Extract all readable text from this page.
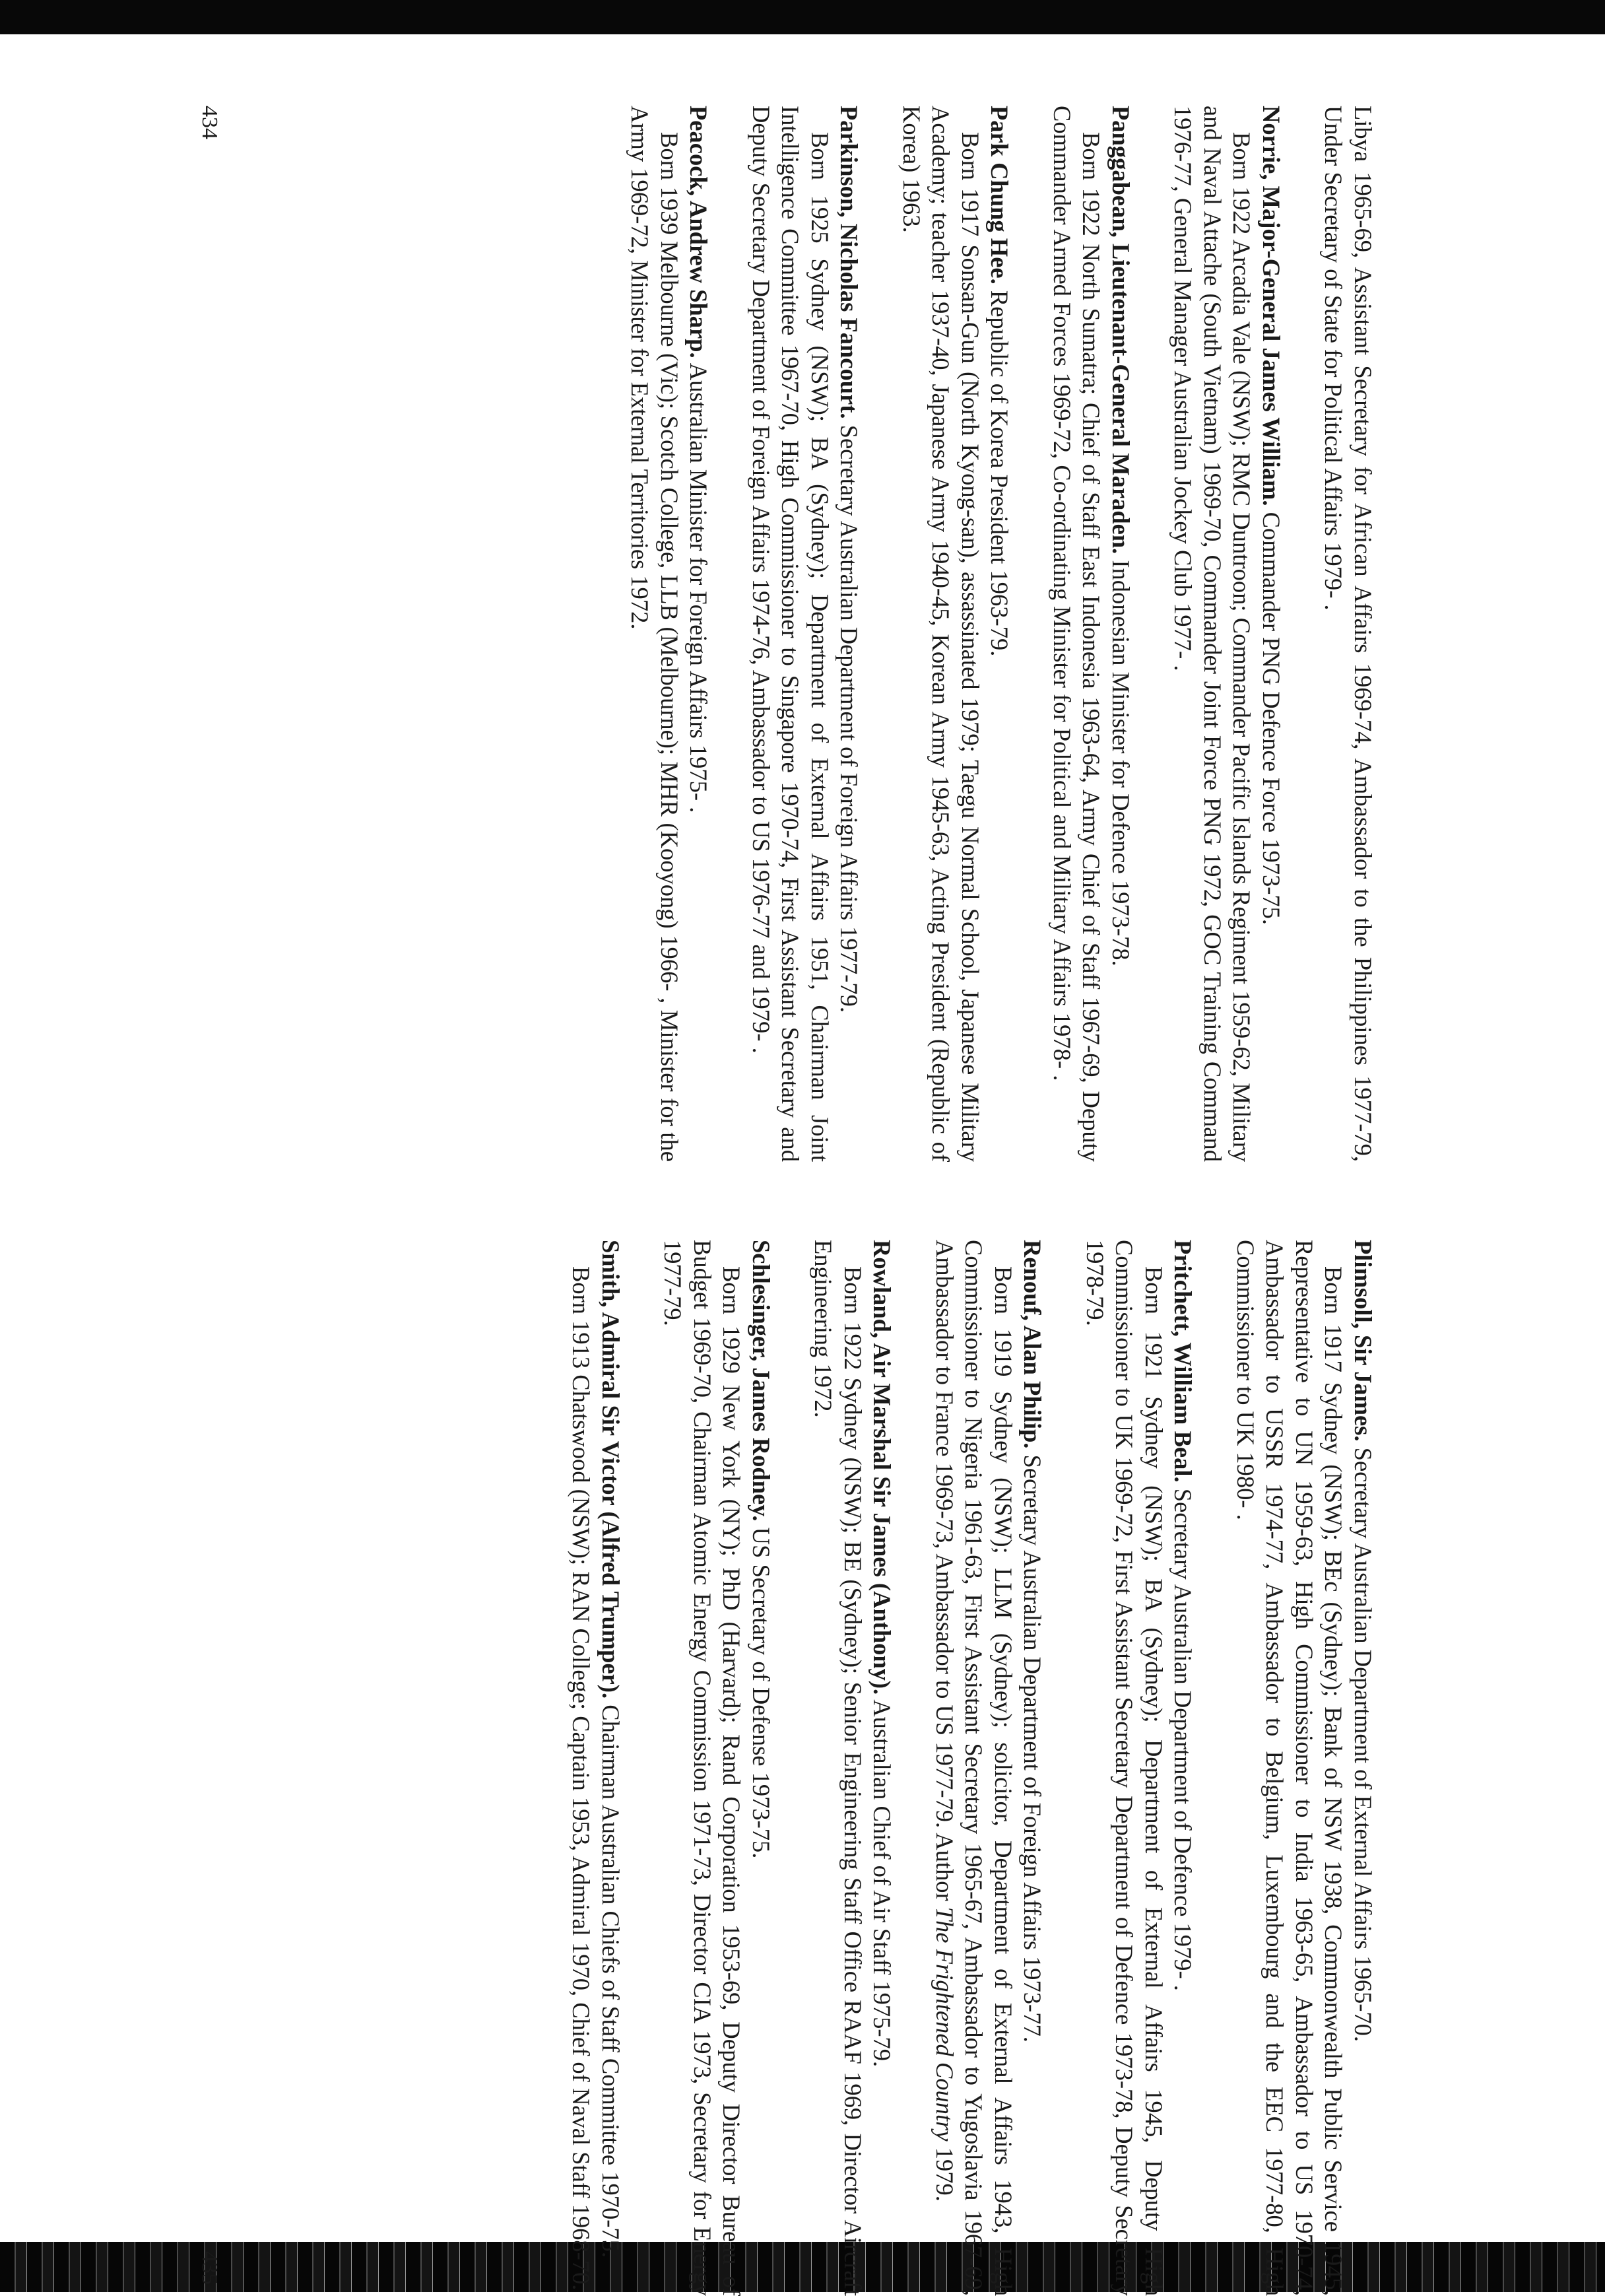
Libya 1965-69, Assistant Secretary for African Affairs 1969-74, Ambassador to the Philippines 1977-79, Under Secretary of State for Political Affairs 1979- .

Norrie, Major-General James William. Commander PNG Defence Force 1973-75.
Born 1922 Arcadia Vale (NSW); RMC Duntroon; Commander Pacific Islands Regiment 1959-62, Military and Naval Attache (South Vietnam) 1969-70, Commander Joint Force PNG 1972, GOC Training Command 1976-77, General Manager Australian Jockey Club 1977- .

Panggabean, Lieutenant-General Maraden. Indonesian Minister for Defence 1973-78.
Born 1922 North Sumatra; Chief of Staff East Indonesia 1963-64, Army Chief of Staff 1967-69, Deputy Commander Armed Forces 1969-72, Co-ordinating Minister for Political and Military Affairs 1978- .

Park Chung Hee. Republic of Korea President 1963-79.
Born 1917 Sonsan-Gun (North Kyong-san), assassinated 1979; Taegu Normal School, Japanese Military Academy; teacher 1937-40, Japanese Army 1940-45, Korean Army 1945-63, Acting President (Republic of Korea) 1963.

Parkinson, Nicholas Fancourt. Secretary Australian Department of Foreign Affairs 1977-79.
Born 1925 Sydney (NSW); BA (Sydney); Department of External Affairs 1951, Chairman Joint Intelligence Committee 1967-70, High Commissioner to Singapore 1970-74, First Assistant Secretary and Deputy Secretary Department of Foreign Affairs 1974-76, Ambassador to US 1976-77 and 1979- .

Peacock, Andrew Sharp. Australian Minister for Foreign Affairs 1975- .
Born 1939 Melbourne (Vic); Scotch College, LLB (Melbourne); MHR (Kooyong) 1966- , Minister for the Army 1969-72, Minister for External Territories 1972.

Plimsoll, Sir James. Secretary Australian Department of External Affairs 1965-70.
Born 1917 Sydney (NSW); BEc (Sydney); Bank of NSW 1938, Commonwealth Public Service 1945, Representative to UN 1959-63, High Commissioner to India 1963-65, Ambassador to US 1970-74, Ambassador to USSR 1974-77, Ambassador to Belgium, Luxembourg and the EEC 1977-80, High Commissioner to UK 1980- .

Pritchett, William Beal. Secretary Australian Department of Defence 1979- .
Born 1921 Sydney (NSW); BA (Sydney); Department of External Affairs 1945, Deputy High Commissioner to UK 1969-72, First Assistant Secretary Department of Defence 1973-78, Deputy Secretary 1978-79.

Renouf, Alan Philip. Secretary Australian Department of Foreign Affairs 1973-77.
Born 1919 Sydney (NSW); LLM (Sydney); solicitor, Department of External Affairs 1943, High Commissioner to Nigeria 1961-63, First Assistant Secretary 1965-67, Ambassador to Yugoslavia 1967-69, Ambassador to France 1969-73, Ambassador to US 1977-79. Author The Frightened Country 1979.

Rowland, Air Marshal Sir James (Anthony). Australian Chief of Air Staff 1975-79.
Born 1922 Sydney (NSW); BE (Sydney); Senior Engineering Staff Office RAAF 1969, Director Aircraft Engineering 1972.

Schlesinger, James Rodney. US Secretary of Defense 1973-75.
Born 1929 New York (NY); PhD (Harvard); Rand Corporation 1953-69, Deputy Director Bureau of Budget 1969-70, Chairman Atomic Energy Commission 1971-73, Director CIA 1973, Secretary for Energy 1977-79.

Smith, Admiral Sir Victor (Alfred Trumper). Chairman Australian Chiefs of Staff Committee 1970-75.
Born 1913 Chatswood (NSW); RAN College; Captain 1953, Admiral 1970, Chief of Naval Staff 1968-70.

434
435
